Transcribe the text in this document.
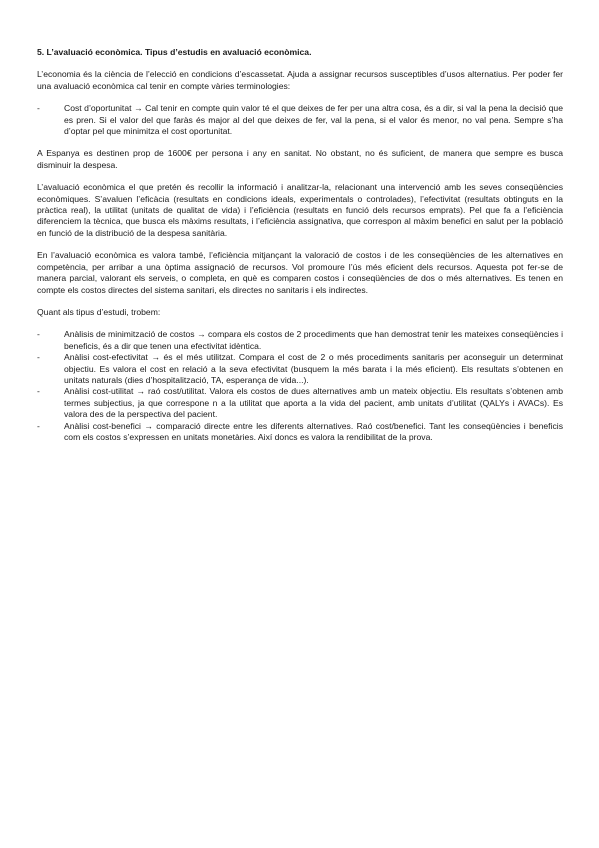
5. L’avaluació econòmica. Tipus d’estudis en avaluació econòmica.

L’economia és la ciència de l’elecció en condicions d’escassetat. Ajuda a assignar recursos susceptibles d’usos alternatius. Per poder fer una avaluació econòmica cal tenir en compte vàries terminologies:

-	Cost d’oportunitat → Cal tenir en compte quin valor té el que deixes de fer per una altra cosa, és a dir, si val la pena la decisió que es pren. Si el valor del que faràs és major al del que deixes de fer, val la pena, si el valor és menor, no val pena. Sempre s’ha d’optar pel que minimitza el cost oportunitat.

A Espanya es destinen prop de 1600€ per persona i any en sanitat. No obstant, no és suficient, de manera que sempre es busca disminuir la despesa.

L’avaluació econòmica el que pretén és recollir la informació i analitzar-la, relacionant una intervenció amb les seves conseqüències econòmiques. S’avaluen l’eficàcia (resultats en condicions ideals, experimentals o controlades), l’efectivitat (resultats obtinguts en la pràctica real), la utilitat (unitats de qualitat de vida) i l’eficiència (resultats en funció dels recursos emprats). Pel que fa a l’eficiència diferenciem la tècnica, que busca els màxims resultats, i l’eficiència assignativa, que correspon al màxim benefici en salut per la població en funció de la distribució de la despesa sanitària.

En l’avaluació econòmica es valora també, l’eficiència mitjançant la valoració de costos i de les conseqüències de les alternatives en competència, per arribar a una òptima assignació de recursos. Vol promoure l’ús més eficient dels recursos. Aquesta pot fer-se de manera parcial, valorant els serveis, o completa, en què es comparen costos i conseqüències de dos o més alternatives. Es tenen en compte els costos directes del sistema sanitari, els directes no sanitaris i els indirectes.

Quant als tipus d’estudi, trobem:

-	Anàlisis de minimització de costos → compara els costos de 2 procediments que han demostrat tenir les mateixes conseqüències i beneficis, és a dir que tenen una efectivitat idèntica.
-	Anàlisi cost-efectivitat → és el més utilitzat. Compara el cost de 2 o més procediments sanitaris per aconseguir un determinat objectiu. Es valora el cost en relació a la seva efectivitat (busquem la més barata i la més eficient). Els resultats s’obtenen en unitats naturals (dies d’hospitalització, TA, esperança de vida...).
-	Anàlisi cost-utilitat → raó cost/utilitat. Valora els costos de dues alternatives amb un mateix objectiu. Els resultats s’obtenen amb termes subjectius, ja que correspone n a la utilitat que aporta a la vida del pacient, amb unitats d’utilitat (QALYs i AVACs). Es valora des de la perspectiva del pacient.
-	Anàlisi cost-benefici → comparació directe entre les diferents alternatives. Raó cost/benefici. Tant les conseqüències i beneficis com els costos s’expressen en unitats monetàries. Així doncs es valora la rendibilitat de la prova.
